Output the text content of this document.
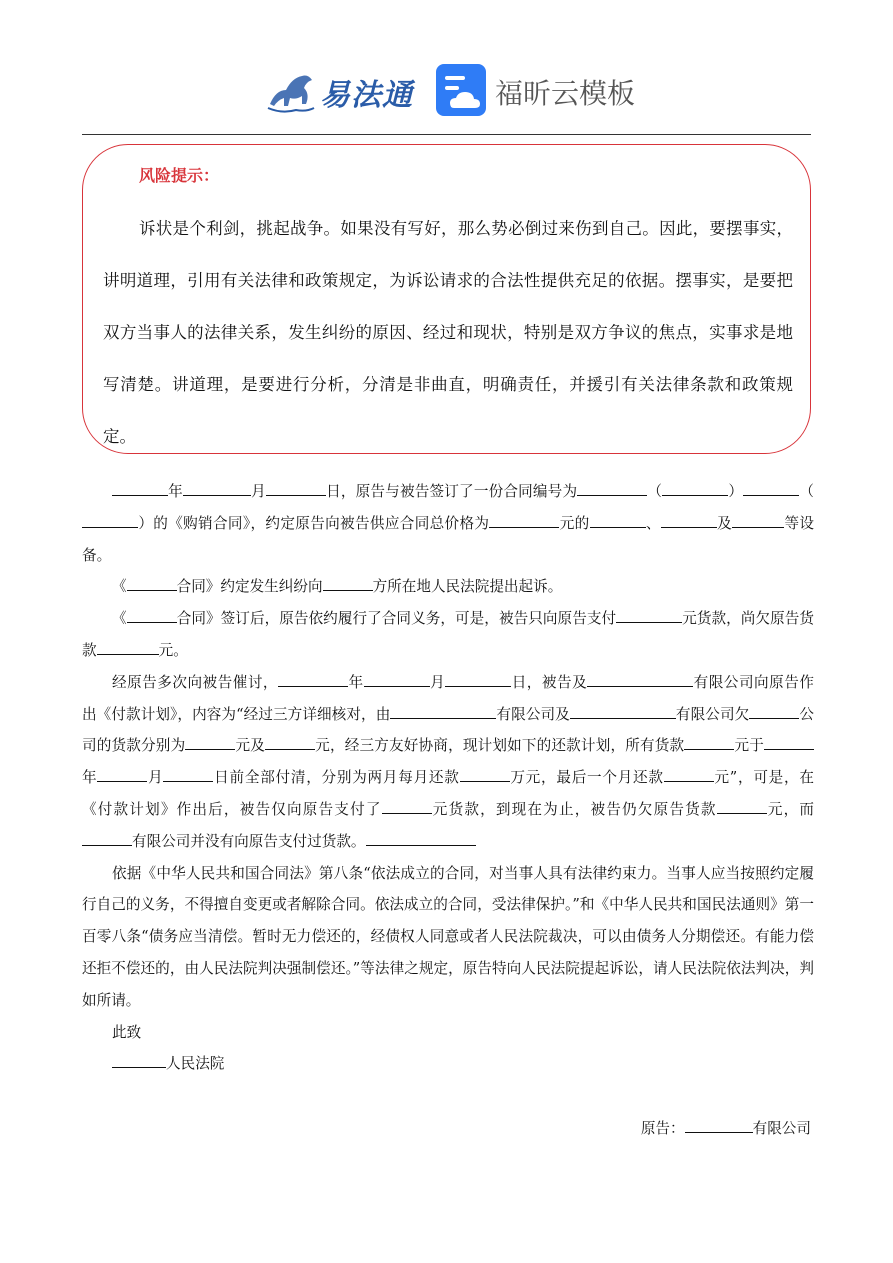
易法通	福昕云模板
风险提示：
诉状是个利剑，挑起战争。如果没有写好，那么势必倒过来伤到自己。因此，要摆事实，讲明道理，引用有关法律和政策规定，为诉讼请求的合法性提供充足的依据。摆事实，是要把双方当事人的法律关系，发生纠纷的原因、经过和现状，特别是双方争议的焦点，实事求是地写清楚。讲道理，是要进行分析，分清是非曲直，明确责任，并援引有关法律条款和政策规定。

年	月	日，原告与被告签订了一份合同编号为	（	）	（）的《购销合同》，约定原告向被告供应合同总价格为	元的	、	及	等设备。

《	合同》约定发生纠纷向	方所在地人民法院提出起诉。

《	合同》签订后，原告依约履行了合同义务，可是，被告只向原告支付	元货款，尚欠原告货款	元。

经原告多次向被告催讨，	年	月	日，被告及	有限公司向原告作出《付款计划》，内容为“经过三方详细核对，由	有限公司及	有限公司欠	公司的货款分别为	元及	元，经三方友好协商，现计划如下的还款计划，所有货款	元于年	月	日前全部付清，分别为两月每月还款	万元，最后一个月还款	元”，可是，在《付款计划》作出后，被告仅向原告支付了	元货款，到现在为止，被告仍欠原告货款	元，而有限公司并没有向原告支付过货款。

依据《中华人民共和国合同法》第八条“依法成立的合同，对当事人具有法律约束力。当事人应当按照约定履行自己的义务，不得擅自变更或者解除合同。依法成立的合同，受法律保护。”和《中华人民共和国民法通则》第一百零八条“债务应当清偿。暂时无力偿还的，经债权人同意或者人民法院裁决，可以由债务人分期偿还。有能力偿还拒不偿还的，由人民法院判决强制偿还。”等法律之规定，原告特向人民法院提起诉讼，请人民法院依法判决，判如所请。

此致

人民法院

原告：	有限公司
